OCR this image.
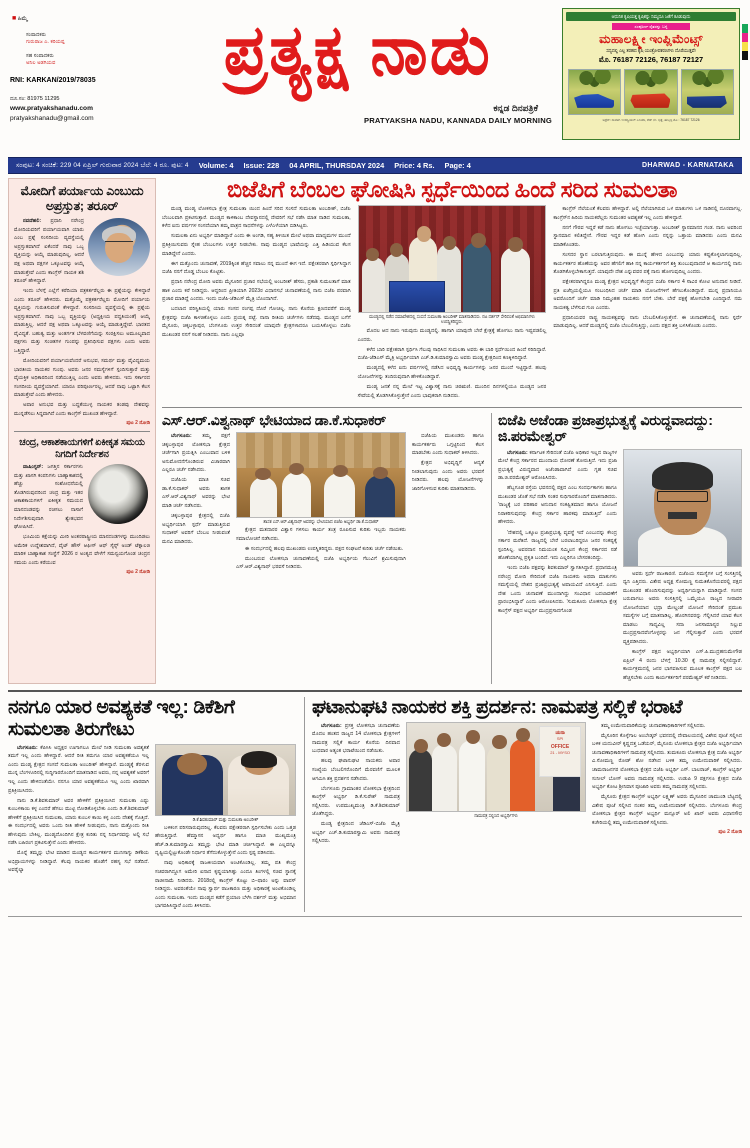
■ ಹಿಮ್ಮೆ
ಸಂಪಾದಕರು
ಗುರುರಾಜ ಎ. ಕರಿಯಪ್ಪ
ಸಹ ಸಂಪಾದಕರು
ಅನಿಲ ಅಡಗಿಯವ
RNI: KARKAN/2019/78035
ದೂ.ಸಂ: 81975 11295
www.pratyakshanadu.com
pratyakshanadu@gmail.com
ಪ್ರತ್ಯಕ್ಷ ನಾಡು
ಕನ್ನಡ ದಿನಪತ್ರಿಕೆ
PRATYAKSHA NADU, KANNADA DAILY MORNING
ಆಧುನಿಕ ಕೃಷಿಯತ್ತ ಕೃಷಿಕನ್ನು ನಿಮ್ಮದೂ ಜತೆಗೆ ಕೂಡುವುದು
ಸಂಪೂರ್ಣ ರೈತರನ್ನು ಬಳ್ಳಿ
ಮಹಾಲಕ್ಷ್ಮೀ ಇಂಪ್ಲಿಮೆಂಟ್ಸ್
ಸದ್ಯದಲ್ಲಿ ಎಲ್ಲ ತರಹದ ಕೃಷಿ ಯಂತ್ರೋಪಕರಣಗಳು ದೊರೆಯುತ್ತವೆ!
ಮೊ. 76187 72126, 76187 72127
ಅಡ್ರೆಸ್: ಸಾವಳಗಿ ಇಂಡಸ್ಟ್ರಿಯಲ್ ಏರಿಯಾ, ಶೆಡ್ ನಂ. ಛತ್ತೆ, ಹುಬ್ಬಳ್ಳಿ ಮೊ : 76187 72126
ಸಂಪುಟ: 4 ಸಂಚಿಕೆ: 229 04 ಏಪ್ರಿಲ್ ಗುರುವಾರ 2024 ಬೆಲೆ: 4 ರೂ. ಪುಟ: 4 Volume: 4 Issue: 228 04 APRIL, THURSDAY 2024 Price: 4 Rs. Page: 4	DHARWAD - KARNATAKA
ಮೋದಿಗೆ ಪರ್ಯಾಯ ಎಂಬುದು ಅಪ್ರಸ್ತುತ; ತರೂರ್

ನವದೆಹಲಿ: ಪ್ರಧಾನಿ ನರೇಂದ್ರ ಮೋದಿಯವರಿಗೆ ಪರ್ಯಾಯವಾಗಿ ಯಾರು ಎಂಬ ಪ್ರಶ್ನೆ ಸಂಸದೀಯ ವ್ಯವಸ್ಥೆಯಲ್ಲಿ ಅಪ್ರಸ್ತುತವಾಗಿದೆ ಏಕೆಂದರೆ ನಾವು ಒಬ್ಬ ವ್ಯಕ್ತಿಯನ್ನು ಆಯ್ಕೆ ಮಾಡುವುದಿಲ್ಲ, ಆದರೆ ಪಕ್ಷ ಅಥವಾ ಪಕ್ಷಗಳ ಒಕ್ಕೂಟವನ್ನು ಆಯ್ಕೆ ಮಾಡುತ್ತೇವೆ ಎಂದು ಕಾಂಗ್ರೆಸ್ ನಾಯಕ ಶಶಿ ತರೂರ್ ಹೇಳಿದ್ದಾರೆ.

ಇಂದು ಬೆಳಗ್ಗೆ ಎಲ್ಲೆಗೆ ಕರೆದಿಯಾ ಪತ್ರಕರ್ತರೆಲ್ಲರು ಈ ಪ್ರಶ್ನೆಯನ್ನು ಕೇಳಿದ್ದಾರೆ ಎಂದು ತರೂರ್ ಹೇಳಿದರು. ಮತ್ತೊಮ್ಮೆ ಪತ್ರಕರ್ತರೆಲ್ಲರು ಮೋದಿಗೆ ಪರ್ಯಾಯ ವ್ಯಕ್ತಿಯನ್ನು ಗುರುತಿಸುವಂತೆ ಕೇಳಿದ್ದಾರೆ. ಸಂಸದೀಯ ವ್ಯವಸ್ಥೆಯಲ್ಲಿ ಈ ಪ್ರಶ್ನೆಯ ಅಪ್ರಸ್ತುತವಾಗಿದೆ. ನಾವು ಒಬ್ಬ ವ್ಯಕ್ತಿಯನ್ನು (ಅಧ್ಯಕ್ಷೀಯ ಪದ್ಧತಿಯಂತೆ) ಆಯ್ಕೆ ಮಾಡುತ್ತಿಲ್ಲ. ಆದರೆ ಪಕ್ಷ ಅಥವಾ ಒಕ್ಕೂಟವನ್ನು ಆಯ್ಕೆ ಮಾಡುತ್ತಿದ್ದೇವೆ. ಭಾರತದ ವೈವಿಧ್ಯತೆ. ಬಹುತ್ವ ಮತ್ತು ಅಂತರ್ಗತ ಬೆಳವಣಿಗೆಯನ್ನು ಸಂರಕ್ಷಿಸಲು ಅಮೂಲ್ಯವಾದ ಪಕ್ಷಗಳು ಮತ್ತು ಸಂಚಿತಗಳ ಗುಂಪನ್ನು ಪ್ರತಿನಿಧಿಸುವ ಪಕ್ಷಗಳು ಎಂದು ಅವರು ಒತ್ತಿದ್ದಾರೆ.

ಮೋದಿಯವರಿಗೆ ಪರ್ಯಾಯವೆಂದರೆ ಅನುಭವ, ಸಮರ್ಥ ಮತ್ತು ವೈವಿಧ್ಯಮಯ ಭಾರತೀಯ ನಾಯಕರ ಗುಂಪು. ಅವರು ಜನರ ಸಮಸ್ಯೆಗಳಿಗೆ ಸ್ಪಂದಿಸುತ್ತಾರೆ ಮತ್ತು ವೈಯಕ್ತಿಕ ಅಧಿಕಾರದಿಂದ ನಡೆಯುತ್ತಿಲ್ಲ ಎಂದು ಅವರು ಹೇಳಿದರು. ಇದು ಸರ್ಕಾರದ ಸಂಸದೀಯ ವ್ಯವಸ್ಥೆಯಾಗಿದೆ. ಯಾರೂ ಪರಿಪೂರ್ಣರಲ್ಲ, ಆದರೆ ನಾವು ಒಟ್ಟಾಗಿ ಕೆಲಸ ಮಾಡುತ್ತೇವೆ ಎಂದು ಹೇಳಿದರು.

ಅಪಾರ ಅನುಭವ ಮತ್ತು ಬದ್ಧತೆಯುಳ್ಳ ನಾಯಕರ ತಂಡವು ದೇಶವನ್ನು ಮುನ್ನಡೆಸಲು ಸಿದ್ಧವಾಗಿದೆ ಎಂದು ಕಾಂಗ್ರೆಸ್ ಮುಖಂಡ ಹೇಳಿದ್ದಾರೆ.

ಪುಟ 2 ನೋಡಿ
ಚಂದ್ರ, ಆಕಾಶಕಾಯಗಳಿಗೆ ಏಕೀಕೃತ ಸಮಯ ನಿಗದಿಗೆ ನಿರ್ದೇಶನ

ವಾಷಿಂಗ್ಟನ್: ಜಗತ್ತಿನ ಸರ್ಕಾರಗಳು ಮತ್ತು ಖಾಸಗಿ ಕಂಪನಿಗಳು ಬಾಹ್ಯಾಕಾಶದಲ್ಲಿ ಹೆಚ್ಚು ಸಂಶೋಧನೆಯಲ್ಲಿ ತೊಡಗಿರುವುದರಿಂದ ಚಂದ್ರ ಮತ್ತು ಇತರ ಆಕಾಶಕಾಯಗಳಿಗೆ ಏಕೀಕೃತ ಸಮಯದ ಮಾನದಂಡವನ್ನು ರಚಿಸಲು ನಾಸಾಗೆ ನಿರ್ದೇಶಿಸುವುದಾಗಿ ಶ್ವೇತಭವನ ಘೋಷಿಸಿದೆ.

ಭೂಮಿಯ ಕಕ್ಷೆಯನ್ನು ಮೀರಿ ಅಂತರರಾಷ್ಟ್ರೀಯ ಮಾನದಂಡಗಳನ್ನು ಮುಂದಿಡಲು ಅಮೆರಿಕ ಉದ್ದೇಶವಾಗಿದೆ, ವೈಟ್ ಹೌಸ್ ಆಫೀಸ್ ಆಫ್ ಸೈನ್ಸ್ ಅಂಡ್ ಟೆಕ್ನಾಲಜಿ ಮಾರಿಕ ಬಾಹ್ಯಾಕಾಶ ಸಂಸ್ಥೆಗೆ 2026 ರ ಅಂತ್ಯದ ವೇಳೆಗೆ ಸಮನ್ವಯಗೊಂಡ ಚಂದ್ರನ ಸಮಯ ಎಂದು ಕರೆಯುವ

ಪುಟ 2 ನೋಡಿ
ಬಿಜೆಪಿಗೆ ಬೆಂಬಲ ಘೋಷಿಸಿ ಸ್ಪರ್ಧೆಯಿಂದ ಹಿಂದೆ ಸರಿದ ಸುಮಲತಾ

ಮಂಡ್ಯ ಮಂಡ್ಯ ಲೋಕಸಭಾ ಕ್ಷೇತ್ರ ಸುಮಲತಾ ಯಿಂದ ಹಿಂದೆ ಸರಿದ ಸಂಸದೆ ಸುಮಲತಾ ಅಂಬರೀಶ್, ಬಿಜೆಪಿ ಬೆಂಬಲವಾಗಿ ಪ್ರಕಟಿಸುತ್ತಾರೆ. ಮಂಡ್ಯದ ಕಾಳಿಕಾಂಬ ದೇವಸ್ಥಾನದಲ್ಲಿ ದೇವರಿಗೆ ಸಭೆ ನಡೆಸಿ ಮಾತ ನಾಡಿದ ಸುಮಲತಾ, ಕಳೆದ ಐದು ವರ್ಷಗಳ ಸಂಸದೆಯಾಗಿ ತಮ್ಮ ಪಾತ್ರದ ಸಾಧನೆಗಳನ್ನು ಎಳೆಎಳೆಯಾಗಿ ಬಿಡಿಸಿಟ್ಟರು.

ಸುಮಲತಾ ಏನು ಅಭ್ಯರ್ಥಿ ಮಾಡಿದ್ದಾರೆ ಎಂದು ಈ ಅಂಗಡಿ, ಸಹ್ಯ ತಿಳಿಯಿತ ಮೇಲೆ ಅಥವಾ ಮಾಧ್ಯಮಗಳ ಮುಂದೆ ಪ್ರತಿಕ್ರಿಯಿಸುವರು ಸ್ನೇಹ ಬೆಂಬಲಗಳು ಉತ್ತರ ನೀಡಬೇಕು. ನಾವು ಮಂಡ್ಯದ ಭಾಷೆಯನ್ನು ಎತ್ತಿ ಹಿಡಿಯುವ ಕೆಲಸ ಮಾಡಿದ್ದೇನೆ ಎಂದರು.

ಈಗ ಮತ್ತೊಂದು ಚುನಾವಣೆ, 2019ಕ್ಕಿಂತ ಹೆಚ್ಚಿನ ಸವಾಲು ನನ್ನ ಮುಂದೆ ಈಗ ಇದೆ. ಪಕ್ಷೇತರರಾಗಿ ಸ್ಪರ್ಧಿಸಿದ್ದಾಗ ಬಿಜೆಪಿ ನನಗೆ ದೊಡ್ಡ ಬೆಂಬಲ ಕೊಟ್ಟಿತು.

ಪ್ರಧಾನಿ ನರೇಂದ್ರ ಮೋದಿ ಅವರು ಮೈಸೂರಿನ ಪ್ರಚಾರ ಸಭೆಯಲ್ಲಿ ಅಂಬರೀಶ್ ಹೆಸರು, ಪ್ರಕಾಶಿ ಸುಮಲತಾಗೆ ಮಾತ ಹಾಕ ಎಂದು ಕರೆ ನೀಡಿದ್ದರು. ಆದ್ದರಿಂದ ಪ್ರೀತಿಯಾಗಿ 2023ರ ವಿಧಾನಸಭೆ ಚುನಾವಣೆಯಲ್ಲಿ ನಾನು ಬಿಜೆಪಿ ಪರವಾಗಿ ಪ್ರಚಾರ ಮಾಡಿದ್ದೆ ಎಂದರು. ಇಂದು ಬಿಜೆಪಿ-ಜೆಡಿಎಸ್ ಮೈತ್ರಿ ಬೊಂದಾಗಿದೆ.

ಬದಲಾದ ಪರಿಸ್ಥಿತಿಯಲ್ಲಿ ಯಾರು ಸಂಸದ ರಂಗಪ್ಪ ದೊರೆ ಗೋಚಿಲ್ಲ. ನಾನು ಕೊನೆಯ ಕ್ಷಣದವರೆಗೆ ಮಂಡ್ಯ ಕ್ಷೇತ್ರವನ್ನು ಬಿಜೆಪಿ ಕಾಳಜಿಕೊಳ್ಳಲು ಎಂದು ಪ್ರಯತ್ನ ಪಟ್ಟೆ. ನಾನಾ ರೀತಿಯ ಚರ್ಚೆಗಳು ನಡೆದವು. ಮಂಡ್ಯದ ಬಗೆಗೆ ಮೈಸೂರು, ಚಿಕ್ಕಬಳ್ಳಾಪುರ, ಬೆಂಗಳೂರು ಉತ್ತರ ಸೇರಿದಂತೆ ಯಾವುದೇ ಕ್ಷೇತ್ರಗಳಾದರೂ ಬಯಸಿಕೊಳ್ಳಲು ಬಿಜೆಪಿ ಮುಖಂಡರ ನನಗೆ ಸಲಹೆ ನೀಡಿದರು. ನಾನು ಎಲ್ಲವೂ

ಮಂಡ್ಯದಲ್ಲಿ ನಡೆದ ಸಮಾವೇಶದಲ್ಲಿ ಸಂಸದೆ ಸುಮಲತಾ ಅಂಬರೀಶ್ ಮಾತನಾಡಿದರು. ನಟ ದರ್ಶನ್ ಸೇರಿದಂತೆ ಅಭಿಮಾನಿಗಳು ಉಪಸ್ಥಿತರಿದ್ದರು.

ಮೊದಲ ಆದ ನಾನು ಇರುವುದು ಮಂಡ್ಯದಲ್ಲಿ. ಹಾಗಾಗಿ ಯಾವುದೇ ಬೇರೆ ಕ್ಷೇತ್ರಕ್ಕೆ ಹೋಗಲು ನಾನು ಇಷ್ಟಪಡಲಿಲ್ಲ ಎಂದರು.

ಕಳೆದ ಬಾರಿ ಪಕ್ಷೇತರಾಗಿ ಸ್ಪರ್ಧಿಸಿ ಗೆಲುವು ಸಾಧಿಸಿದ ಸುಮಲತಾ ಅವರು ಈ ಬಾರಿ ಸ್ಪರ್ಧೆಯಿಂದ ಹಿಂದೆ ಸರಿದಿದ್ದಾರೆ. ಬಿಜೆಪಿ-ಜೆಡಿಎಸ್ ಮೈತ್ರಿ ಅಭ್ಯರ್ಥಿಯಾಗಿ ಎಚ್.ಡಿ.ಕುಮಾರಸ್ವಾಮಿ ಅವರು ಮಂಡ್ಯ ಕ್ಷೇತ್ರದಿಂದ ಕಣಕ್ಕಿಳಿದಿದ್ದಾರೆ.

ಮಂಡ್ಯದಲ್ಲಿ ಕಳೆದ ಐದು ವರ್ಷಗಳಲ್ಲಿ ನಡೆಸಿದ ಅಭಿವೃದ್ಧಿ ಕಾರ್ಯಗಳನ್ನು ಜನರ ಮುಂದೆ ಇಟ್ಟಿದ್ದಾರೆ. ಹಲವು ಯೋಜನೆಗಳನ್ನು ತಂದಿರುವುದಾಗಿ ಹೇಳಿಕೊಂಡಿದ್ದಾರೆ.

ಮಂಡ್ಯ ಜನತೆ ನನ್ನ ಮೇಲೆ ಇಟ್ಟ ವಿಶ್ವಾಸಕ್ಕೆ ನಾನು ಚಿರಋಣಿ. ಮುಂದಿನ ದಿನಗಳಲ್ಲಿಯೂ ಮಂಡ್ಯದ ಜನರ ಸೇವೆಯಲ್ಲಿ ತೊಡಗಿಸಿಕೊಳ್ಳುತ್ತೇನೆ ಎಂದು ಭಾವುಕರಾಗಿ ನುಡಿದರು.

ಕಾಂಗ್ರೆಸ್ ನೆಲೆಯಂತೆ ಕೆಲವರು ಹೇಳಿದ್ದಾರೆ. ಅಲ್ಲಿ ನೆಲೆಯಾಗಿರುವ ಒಳ ಮಾತುಗಳು ಒಳ ನಾಡಿನಲ್ಲಿ ದೂರವಾಗಲ್ಲ. ಕಾಂಗ್ರೆಸ್‌ನ ಹಿರಿಯ ನಾಯಕರೆಲ್ಲರು ಸುಮಂತರ ಅವಶ್ಯಕತೆ ಇಲ್ಲ ಎಂದು ಹೇಳಿದ್ದಾರೆ.

ನನಗೆ ಗೌರವ ಇದ್ದರೆ ಕಡೆ ನಾನು ಹೋಗಲು ಇಚ್ಛೆಯಾಗುತ್ತಾ. ಅಂಬರೀಶ್ ಸ್ಥಾನಮಾನದ ಗಂಡ. ನಾನು ಅವರಿಂದ ಸ್ಥಾನಮಾನ ಕಲಿತಿದ್ದೇನೆ. ಗೌರವ ಇದ್ದರ ಕಡೆ ಹೋಗಿ ಎಂದು ನನ್ನನ್ನು ಒತ್ತಾಯ ಮಾಡಿದರು ಎಂದು ಮನವಿ ಮಾಡಿಕೊಂಡರು.

ಸಂಸದರ ಸ್ಥಾನ ಬರಲಾಗುತ್ತಿರುವುದು. ಈ ಮುನ್ನೆ ಹೇಳಿದ ಎಂಬುದನ್ನು ಯಾರು ಕಪ್ಪುಕೊಳ್ಳಲಾಗುವುದಿಲ್ಲ. ಕಾರ್ಯಕರ್ತರ ಹೊಣೆಯನ್ನು ಅವರ ಹೆಗಲಿಗೆ ಹಾಕಿ ನನ್ನ ಕಾರ್ಯಕರ್ತರಿಗೆ ಶಕ್ತಿ ತುಂಬುವುದಾದರೆ ಆ ಕಾರ್ಯದಲ್ಲಿ ನಾನು ತೊಡಗಿಕೊಳ್ಳಬೇಕಾಗುತ್ತದೆ. ಯಾವುದೇ ದೇಶ ಎನ್ನುವವರ ಪಕ್ಕೆ ನಾನು ಹೋಗುವುದಿಲ್ಲ ಎಂದರು.

ಪಕ್ಷೇತರರಾಗಿದ್ದರೂ ಮಂಡ್ಯ ಕ್ಷೇತ್ರದ ಅಭಿವೃದ್ಧಿಗೆ ಕೇಂದ್ರದ ಬಿಜೆಪಿ ಸರ್ಕಾರ 4 ಸಾವಿರ ಕೋಟಿ ಅನುದಾನ ನೀಡಿದೆ. ಪ್ರತಿ ಏಜೆನ್ಸಿಯಲ್ಲಿಯೂ ಸಂಬಂಧಿಸಿದ ಚರ್ಚೆ ಮಾಡಿ ಯೋಜನೆಗಳಿಗೆ ಹೆಗಲುಕೊಂಡಿದ್ದಾರೆ. ಮುನ್ನ ಪ್ರಧಾನಿಯೂ ಅವರೊಂದಿಗೆ ಚರ್ಚೆ ಮಾಡಿ ನಿಮ್ಮಂತಹ ನಾಯಕರು ನನಗೆ ಬೇಕು. ಬೇರೆ ಪಕ್ಷಕ್ಕೆ ಹೋಗಬೇಡಿ ಎಂದಿದ್ದಾರೆ. ನಮ ನಾಯಕತ್ವ ಬೆಳೆಸುವ ಗುಣ ಎಂದರು.

ಪ್ರಧಾನಿಯವರ ರಾಷ್ಟ್ರ ನಾಯಕತ್ವವನ್ನು ನಾನು ಬೆಂಬಲಿಸಿಕೊಳ್ಳುತ್ತೇನೆ. ಈ ಚುನಾವಣೆಯಲ್ಲಿ ನಾನು ಸ್ಪರ್ಧೆ ಮಾಡುವುದಿಲ್ಲ. ಆದರೆ ಮಂಡ್ಯದಲ್ಲಿ ಬಿಜೆಪಿ ಬೆಂಬಲಿಸುತ್ತಿದ್ದು, ಎಂದು ಪಕ್ಷದ ಶಕ್ತಿ ಬಳಸಿಕೊಂಡು ಎಂದರು.

ಎಸ್.ಆರ್.ವಿಶ್ವನಾಥ್ ಭೇಟಿಯಾದ ಡಾ.ಕೆ.ಸುಧಾಕರ್

ಬೆಂಗಳೂರು: ತಮ್ಮ ಪಕ್ಷಗೆ ಚಿಕ್ಕಬಳ್ಳಾಪುರ ಲೋಕಸಭಾ ಕ್ಷೇತ್ರದ ಚರ್ಚೆಗಾಗಿ ಪ್ರಯತ್ನಿಸಿ ಎಂಬುವಾದ ಬಳಿಕ ಅನುಮೋದನೆಗೊಂಡಿರುವ ವಿಚಾರವಾಗಿ ಎಲ್ಲರೂ ಚರ್ಚೆ ನಡೆಸಿದರು.

ಬಿಜೆಪಿಯ ಮಾಜಿ ಸಚಿವ ಡಾ.ಕೆ.ಸುಧಾಕರ್ ಅವರು ಶಾಸಕ ಎಸ್.ಆರ್.ವಿಶ್ವನಾಥ್ ಅವರನ್ನು ಭೇಟಿ ಮಾಡಿ ಚರ್ಚೆ ನಡೆಸಿದರು.

ಚಿಕ್ಕಬಳ್ಳಾಪುರ ಕ್ಷೇತ್ರದಲ್ಲಿ ಬಿಜೆಪಿ ಅಭ್ಯರ್ಥಿಯಾಗಿ ಸ್ಪರ್ಧೆ ಮಾಡುತ್ತಿರುವ ಸುಧಾಕರ್ ಅವರಿಗೆ ಬೆಂಬಲ ನೀಡುವಂತೆ ಮನವಿ ಮಾಡಿದರು.

ಶಾಸಕ ಎಸ್.ಆರ್.ವಿಶ್ವನಾಥ್ ಅವರನ್ನು ಭೇಟಿಯಾದ ಬಿಜೆಪಿ ಅಭ್ಯರ್ಥಿ ಡಾ.ಕೆ.ಸುಧಾಕರ್

ಕ್ಷೇತ್ರದ ಮತದಾರರ ವಿಶ್ವಾಸ ಗಳಿಸಲು ಕಾರ್ಯ ತಂತ್ರ ರೂಪಿಸುವ ಕುರಿತು ಇಬ್ಬರು ನಾಯಕರು ಸಮಾಲೋಚನೆ ನಡೆಸಿದರು.

ಈ ಸಂದರ್ಭದಲ್ಲಿ ಹಲವು ಮುಖಂಡರು ಉಪಸ್ಥಿತರಿದ್ದರು. ಪಕ್ಷದ ಸಂಘಟನೆ ಕುರಿತು ಚರ್ಚೆ ನಡೆಯಿತು.

ಮುಂಬರುವ ಲೋಕಸಭಾ ಚುನಾವಣೆಯಲ್ಲಿ ಬಿಜೆಪಿ ಅಭ್ಯರ್ಥಿಯ ಗೆಲುವಿಗೆ ಶ್ರಮಿಸುವುದಾಗಿ ಎಸ್.ಆರ್.ವಿಶ್ವನಾಥ್ ಭರವಸೆ ನೀಡಿದರು.

ಬಿಜೆಪಿಯ ಮುಖಂಡರು ಹಾಗೂ ಕಾರ್ಯಕರ್ತರು ಒಗ್ಗಟ್ಟಿನಿಂದ ಕೆಲಸ ಮಾಡಬೇಕು ಎಂದು ಸುಧಾಕರ್ ತಿಳಿಸಿದರು.

ಕ್ಷೇತ್ರದ ಅಭಿವೃದ್ಧಿಗೆ ಆದ್ಯತೆ ನೀಡಲಾಗುವುದು ಎಂದು ಅವರು ಭರವಸೆ ನೀಡಿದರು. ಹಲವು ಯೋಜನೆಗಳನ್ನು ಜಾರಿಗೊಳಿಸುವ ಕುರಿತು ಮಾತನಾಡಿದರು.

ಬಿಜೆಪಿ ಅಜೆಂಡಾ ಪ್ರಜಾಪ್ರಭುತ್ವಕ್ಕೆ ವಿರುದ್ಧವಾದದ್ದು: ಜಿ.ಪರಮೇಶ್ವರ್

ಬೆಂಗಳೂರು: ಕರ್ನಾಟಕ ಸೇರಿದಂತೆ ಬಿಜೆಪಿ ಅಧಿಕಾರ ಇಲ್ಲದ ರಾಜ್ಯಗಳ ಮೇಲೆ ಕೇಂದ್ರ ಸರ್ಕಾರದ ಮುಂದಾಯ ಧೋರಣೆ ತೋರುತ್ತಿದೆ. ಇದು ಪ್ರಜಾ ಪ್ರಭುತ್ವಕ್ಕೆ ವಿರುದ್ಧವಾದ ಅಜೆಂಡಾವಾಗಿದೆ ಎಂದು ಗೃಹ ಸಚಿವ ಡಾ.ಜಿ.ಪರಮೇಶ್ವರ್ ಆರೋಪಿಸಿದರು.

ಹೆಬ್ಬಗೂಡ ರಸ್ತೆಯ ಭವನದಲ್ಲಿ ಪಕ್ಷದ ಎಂಬ ಸಂದರ್ಭಿಕಾಗಳು ಹಾಗೂ ಮುಖಂಡರ ಜೊತೆ ಸಭೆ ನಡೆಸಿ ಸಂತರ ಸುಧಿಗಾರರೊಂದಿಗೆ ಮಾತನಾಡಿದರು. 'ರಾಜ್ಯಕ್ಕೆ ಬರ ಪರಿಹಾರ ಅನುದಾನ ಸಂಕಷ್ಟಿತಮಾದ ಹಾಗೂ ಯೋಜನೆ ನಿರಾಕರಿಸುವುದನ್ನು ಕೇಂದ್ರ ಸರ್ಕಾರ ಹಾರಕವು ಮಾಡುತ್ತಿದೆ' ಎಂದು ಹೇಳಿದರು.

'ದೇಶದಲ್ಲಿ ಒಕ್ಕೂಟ ಪ್ರಜಾಪ್ರಭುತ್ವ ವ್ಯವಸ್ಥೆ ಇದೆ ಎಂಬುದನ್ನು ಕೇಂದ್ರ ಸರ್ಕಾರ ಮರೆತಿದೆ. ರಾಜ್ಯದಲ್ಲಿ ಬೇರೆ ಬರಲಾಬರಿದ್ದರೂ ಜನರ ಸಂಕಷ್ಟಕ್ಕೆ ಸ್ಪಂದಿಸಿಲ್ಲ. ಅವರದಾನ ನಿಮಯಂತ ಸಮ್ಮಿಲನ ಕೇಂದ್ರ ಸರ್ಕಾರದ ನಡೆ ಹೊಣೆಯಾಗಿಲ್ಲ ಪ್ರಕೃತಿ ಬಂದಿದೆ. ಇದು ಎಲ್ಲರಿಗೂ ಬೇಸರತಂದಿದ್ದು.

ಇಂದು ಬಿಜೆಪಿ ಪಕ್ಷವನ್ನು ಶಿವಕುಮಾರ್ ಸ್ವಾಗತಿಸಿದ್ದಾರೆ. ಪ್ರಧಾನಮಂತ್ರಿ ನರೇಂದ್ರ ಮೋದಿ ಸೇರಿದಂತೆ ಬಿಜೆಪಿ ನಾಯಕರು ಅಥವಾ ಮಾತುಗಳು ಸಮಸ್ಯೆಯಲ್ಲಿ ದೇಶದ ಪ್ರಜಾಪ್ರಭುತ್ವಕ್ಕೆ ಅಪಾಯವಿದೆ ಎನಿಸುತ್ತಿದೆ. ಎಂದು ದೇಶ ಒಂದು ಚುನಾವಣೆ ಮುಂದಾಗಿದ್ದು ಸಂವಿಧಾನ ಬದಲಾವಣೆಗೆ ಪ್ರಾರಂಭಿಸಿದ್ದಾರೆ' ಎಂದು ಆರೋಪಿಸಿದರು. 'ಸುಮಕೂರು ಲೋಕಸಭಾ ಕ್ಷೇತ್ರ ಕಾಂಗ್ರೆಸ್ ಪಕ್ಷದ ಅಭ್ಯರ್ಥಿ ಮುದ್ರಪ್ರಸಾದಗೊಂಡ

ಅವರು ಸ್ಪರ್ಧೆ ರಾಜಕಾರಣಿ. ಬಿಜೆಪಿಯ ಸಮಸ್ಯೆಗಳ ಬಗ್ಗೆ ಸಂಸತ್ತಿನಲ್ಲಿ ಧ್ವನಿ ಎತ್ತಿದರು. ವಿಶೇಷ ಅಧ್ಯಕ್ಷ ಸೋಮಣ್ಣ ಸುಮತಿಕೊನೆಯವರಲ್ಲಿ ಪಕ್ಷದ ಮುಖಂಡರ ಹೊಂದಿಸುವುದನ್ನು ಅಧ್ಯರ್ಥಿಯನ್ನಾಗಿ ಮಾಡಿದ್ದಾರೆ. ಸಂಸದ ಬರುವಾಗಲು ಅವರು ಸಂಸತ್ತಿನಲ್ಲಿ ಒಮ್ಮೆಯೂ ರಾಜ್ಯದ ನೀರಾವರಿ ಯೋಜನೆಯಾದ ಭದ್ರಾ ಮೇಲ್ದಂಡೆ ಯೋಜನೆ ಸೇರಿದಂತೆ ಪ್ರಮುಖ ಸಮಸ್ಯೆಗಳ ಬಗ್ಗೆ ಮಾತನಾಡಿಲ್ಲ. ಹೊರಗಿನವರನ್ನು ಗೆಲ್ಲಿಸಿದರೆ ಯಾವ ಕೆಲಸ ಮಾಡಲು ಸಾಧ್ಯವಿಲ್ಲ ಸದಾ ಜನಸಾಮಾನ್ಯರ ನಿಲ್ಲುವ ಮುದ್ರಪ್ರಸಾದವೆಂಗೊಳ್ಳರನ್ನು ಜನ ಗೆಲ್ಲಿಸುತ್ತಾರೆ' ಎಂದು ಭರವಸೆ ವ್ಯಕ್ತಪಡಿಸಿದರು.

ಕಾಂಗ್ರೆಸ್ ಪಕ್ಷದ ಅಭ್ಯರ್ಥಿಯಾಗಿ ಎಸ್.ಪಿ.ಮುದ್ರಹನುಮೇಗೌಡ ಏಪ್ರಿಲ್ 4 ರಂದು ಬೆಳಗ್ಗೆ 10.30 ಕ್ಕೆ ನಾಮಪತ್ರ ಸಲ್ಲಿಸಲಿದ್ದಾರೆ. ಕಾರ್ಯಕ್ರಮದಲ್ಲಿ ಜನರ ಭಾಗವಹಿಸುವ ಮೂಲಕ ಕಾಂಗ್ರೆಸ್ ಪಕ್ಷದ ಬಲ ಹೆಚ್ಚಿಸಬೇಕು ಎಂದು ಕಾರ್ಯಕರ್ತರಿಗೆ ಪರಮೇಶ್ವರ್ ಕರೆ ನೀಡಿದರು.

ನನಗೂ ಯಾರ ಅವಶ್ಯಕತೆ ಇಲ್ಲ: ಡಿಕೆಶಿಗೆ ಸುಮಲತಾ ತಿರುಗೇಟು

ಬೆಂಗಳೂರು: ಕೆಪಿಸಿಸಿ ಅಧ್ಯಕ್ಷರ ಊಗಾಗಲೂ ಮೇಲೆ ನೀಡಿ ಸುಮಲತಾ ಅವಶ್ಯಕತೆ ತಮಗೆ ಇಲ್ಲ ಎಂದು ಹೇಳಿದ್ದಾರೆ. ಆದರೆ ರೀತಿ ತಮಗೂ ಯಾರ ಅವಶ್ಯಕತೆಯೂ ಇಲ್ಲ ಎಂದು ಮಂಡ್ಯ ಕ್ಷೇತ್ರದ ಸಂಸದೆ ಸುಮಲತಾ ಅಂಬರೀಶ್ ಹೇಳಿದ್ದಾರೆ. ಮಂಡ್ಯಕ್ಕೆ ತೆರಳುವ ಮುನ್ನ ಬೆಂಗಳೂರಿನಲ್ಲಿ ಸುದ್ದಿಗಾರರೊಂದಿಗೆ ಮಾತನಾಡಿದ ಅವರು, ನನ್ನ ಅವಶ್ಯಕತೆ ಅವರಿಗೆ ಇಲ್ಲ ಎಂದು ಹೇಳಿದಂತೆಯೇ. ನನಗೂ ಯಾರ ಅವಶ್ಯಕತೆಯೂ ಇಲ್ಲ ಎಂದು ಖಾರವಾಗಿ ಪ್ರತಿಕ್ರಿಯಿಸಿದರು.

ನಾನು ಡಿ.ಕೆ.ಶಿವಕುಮಾರ್ ಅವರ ಹೇಳಿಕೆಗೆ ಪ್ರತಿಕ್ರಿಯಿಸಿದ ಸುಮಲತಾ ಎಷ್ಟು ಕುಂಬಳಕಾಯಿ ಕಳ್ಳ ಎಂದರೆ ಹೆಗಲು ಮುಟ್ಟಿ ನೋಡಿಕೊಳ್ಳಬೇಕು ಎಂದು ಡಿ.ಕೆ.ಶಿವಕುಮಾರ್ ಹೇಳಿಕೆಗೆ ಪ್ರತಿಕ್ರಿಯಿಸಿದ ಸುಮಲತಾ, ಯಾರು ಕುಂಬಳ ಕಾಯಿ ಕಳ್ಳ ಎಂದು ದೇಶಕ್ಕೆ ಗೊತ್ತಿದೆ. ಈ ಸಂದರ್ಭದಲ್ಲಿ ಅವರು ಒಂದು ರೀತಿ ಹೇಳಿಕೆ ನೀಡುವುದು, ನಾನು ಮತ್ತೊಂದು ರೀತಿ ಹೇಳುವುದು ಬೇಕಿಲ್ಲ. ಮಂಡ್ಯದೊಂದಿಗಿನ ಕ್ಷೇತ್ರ ಕುರಿತು ನನ್ನ ನಿರ್ಧಾರವನ್ನು ಅಲ್ಲಿ ಸಭೆ ನಡೆಸಿ ಬಹಿರಂಗ ಪ್ರಕಟಿಸುತ್ತೇನೆ ಎಂದು ಹೇಳಿದರು.

ಮೊನ್ನೆ ತಮ್ಮನ್ನು ಭೇಟಿ ಮಾಡಿದ ಮಂಡ್ಯದ ಕಾರ್ಯಕರ್ತರ ಮುನಿಸಾಗ್ಯು ಡಿಕೆಶಿಯ ಅಭಿಪ್ರಾಯಗಳನ್ನು ನೀಡಿದ್ದಾರೆ. ಕೆಲವು ನಾಯಕರ ಹೊಡೆಗೆ ರಹಸ್ಯ ಸಭೆ ನಡೆದಿದೆ. ಅವರೈಲ್ಯಾ

ಡಿ.ಕೆ.ಶಿವಕುಮಾರ್ ಮತ್ತು ಸುಮಲತಾ ಅಂಬರೀಶ್

ಬಳಿಕಂಗ ಪರಿಸರಾರುವುದರಿಲ್ಲ. ಕೆಲವರು ಪಕ್ಷೇತರರಾಗಿ ಸ್ಪರ್ಧಿಸಬೇಕು ಎಂದು ಒತ್ತಡ ಹೇರುತ್ತಿದ್ದಾರೆ. ಹೆಮ್ಮಾಸನ ಅಧ್ಯರ್ಥ ಹಾಗೂ ಮಾಜಿ ಮುಖ್ಯಮಂತ್ರಿ ಹೆಚ್.ಡಿ.ಕುಮಾರಸ್ವಾಮಿ ತಮ್ಮನ್ನು ಭೇಟಿ ಮಾಡಿ ಚರ್ಚಿಸಿದ್ದಾರೆ. ಈ ಎಲ್ಲವನ್ನೂ ದೃಷ್ಟಿಯಲ್ಲಿಟ್ಟುಕೊಂಡೇ ನಿರ್ಧಾರ ತೆಗೆದುಕೊಳ್ಳುತ್ತೇನೆ ಎಂದು ಸ್ಪಷ್ಟ ಪಡಿಸಿದರು.

ನಾವು ಅಧಿಕಾರಕ್ಕೆ ರಾಜಕೀಯವಾಗಿ ಅಂಟಿಕೊಂಡಿಲ್ಲ. ತಮ್ಮ ಪತಿ ಕೇಂದ್ರ ಸಚಿವರಾಗಿದ್ದೂಗ ಅಮೇರಿ ಏನಾದ ಕೃಷ್ಣಯಾಗಿಹ್ಲು ಎಂದೂ ತಿಂಗಳಲ್ಲಿ ಸಚಿವ ಸ್ಥಾನಕ್ಕೆ ರಾಜೀನಾಮೆ ನೀಡಿದರು. 2018ರಲ್ಲಿ ಕಾಂಗ್ರೆಸ್ ಕೊಟ್ಟು ಬಿ–ಫಾರಂ ಅನ್ನು ವಾಪಸ್ ನೀಡಿದ್ದರು. ಅವರಂತೆಯೇ ನಾವು ಸ್ವಾರ್ಥ ರಾಜಕಾರಣ ಮತ್ತು ಅಧಿಕಾರಕ್ಕೆ ಅಂಟಿಕೊಂಡಿಲ್ಲ ಎಂದು ಸುಮಲತಾ. ಇಂದು ಮಂಡ್ಯದ ಕಡೆಗೆ ಪ್ರಯಾಣ ಬೆಳೆಸಿ ದರ್ಶನ್ ಮತ್ತು ಅಭಿಮಾನ ಭಾಗವಹಿಸಿದ್ದಾರೆ ಎಂದು ತಿಳಿಸಿದರು.

ಘಟಾನುಘಟಿ ನಾಯಕರ ಶಕ್ತಿ ಪ್ರದರ್ಶನ: ನಾಮಪತ್ರ ಸಲ್ಲಿಕೆ ಭರಾಟೆ

ಬೆಂಗಳೂರು: ಪ್ರಸಕ್ತ ಲೋಕಸಭಾ ಚುನಾವಣೆಯ ಮೊದಲ ಹಂತದ ರಾಜ್ಯದ 14 ಲೋಕಸಭಾ ಕ್ಷೇತ್ರಗಳಿಗೆ ನಾಮಪತ್ರ ಸಲ್ಲಿಕೆ ಕಾರ್ಯ ಕೊನೆಯ ದಿನವಾದ ಬುಧವಾರ ಅತ್ಯಂತ ಭರಾಟೆಯಿಂದ ನಡೆಯಿತು.

ಹಲವು ಘಟಾನುಘಟಿ ನಾಯಕರು ಅಪಾರ ಸಂಖ್ಯೆಯ ಬೆಂಬಲಿಗರೊಂದಿಗೆ ಮೆರವಣಿಗೆ ಮೂಲಕ ಆಗಮಿಸಿ ಶಕ್ತಿ ಪ್ರದರ್ಶನ ನಡೆಸಿದರು.

ಬೆಂಗಳೂರು ಗ್ರಾಮಾಂತರ ಲೋಕಸಭಾ ಕ್ಷೇತ್ರದಿಂದ ಕಾಂಗ್ರೆಸ್ ಅಭ್ಯರ್ಥಿ ಡಿ.ಕೆ.ಸುರೇಶ್ ನಾಮಪತ್ರ ಸಲ್ಲಿಸಿದರು. ಉಪಮುಖ್ಯಮಂತ್ರಿ ಡಿ.ಕೆ.ಶಿವಕುಮಾರ್ ಜೊತೆಗಿದ್ದರು.

ಮಂಡ್ಯ ಕ್ಷೇತ್ರದಿಂದ ಜೆಡಿಎಸ್-ಬಿಜೆಪಿ ಮೈತ್ರಿ ಅಭ್ಯರ್ಥಿ ಎಚ್.ಡಿ.ಕುಮಾರಸ್ವಾಮಿ ಅವರು ನಾಮಪತ್ರ ಸಲ್ಲಿಸಿದರು.

ಚುನಾ
SPI
OFFICE
21 - MYSO
ನಾಮಪತ್ರ ಸಲ್ಲಿಸಿದ ಅಭ್ಯರ್ಥಿಗಳು

ತಮ್ಮ ಉಮೇದುವಾರಿಕೆಯನ್ನು ಚುನಾವಣಾಧಿಕಾರಿಗಳಿಗೆ ಸಲ್ಲಿಸಿದರು.

ಮೈಸೂರಿನ ಕೊಳ್ಳೆಗಾಲ ಅಂಬೇಡ್ಕರ್ ಭವನದಲ್ಲಿ ದೇವಾಲಯದಲ್ಲಿ ವಿಶೇಷ ಪೂಜೆ ಸಲ್ಲಿಸಿದ ಬಳಿಕ ಯದುವೀರ್ ಕೃಷ್ಣದತ್ತ ಒಡೆಯರ್, ಮೈಸೂರು ಲೋಕಸಭಾ ಕ್ಷೇತ್ರದ ಬಿಜೆಪಿ ಅಭ್ಯರ್ಥಿಯಾಗಿ ಚುನಾವಣಾಧಿಕಾರಿಗಳಿಗೆ ನಾಮಪತ್ರ ಸಲ್ಲಿಸಿದರು. ತುಮಕೂರು ಲೋಕಸಭಾ ಕ್ಷೇತ್ರ ಬಿಜೆಪಿ ಅಭ್ಯರ್ಥಿ ವಿ.ಸೋಮಣ್ಣ ರೋಡ್ ಶೋ ನಡೆಸಿದ ಬಳಿಕ ತಮ್ಮ ಉಮೇದುವಾರಿಕೆ ಸಲ್ಲಿಸಿದರು. ಚಾಮರಾಜನಗರ ಲೋಕಸಭಾ ಕ್ಷೇತ್ರದ ಬಿಜೆಪಿ ಅಭ್ಯರ್ಥಿ ಎಸ್. ಬಾಲರಾಜ್, ಕಾಂಗ್ರೆಸ್ ಅಭ್ಯರ್ಥಿ ಸುನೀಲ್ ಬೋಸ್ ಅವರು ನಾಮಪತ್ರ ಸಲ್ಲಿಸಿದರು. ಉಡುಪಿ 9 ಪಕ್ಷಗಳೂ ಕ್ಷೇತ್ರದ ಬಿಜೆಪಿ ಅಭ್ಯರ್ಥಿ ಕೋಟ ಶ್ರೀನಿವಾಸ ಪೂಜಾರಿ ಅವರು ತಮ್ಮ ನಾಮಪತ್ರ ಸಲ್ಲಿಸಿದರು.

ಮೈಸೂರು ಕ್ಷೇತ್ರದ ಕಾಂಗ್ರೆಸ್ ಅಭ್ಯರ್ಥಿ ಲಕ್ಷ್ಮಣ್ ಅವರು ಮೈಸೂರಿನ ಚಾಮುಂಡಿ ಬೆಟ್ಟದಲ್ಲಿ ವಿಶೇಷ ಪೂಜೆ ಸಲ್ಲಿಸಿದ ನಂತರ ತಮ್ಮ ಉಮೇದುವಾರಿಕೆ ಸಲ್ಲಿಸಿದರು. ಬೆಂಗಳೂರು ಕೇಂದ್ರ ಲೋಕಸಭಾ ಕ್ಷೇತ್ರದ ಕಾಂಗ್ರೆಸ್ ಅಭ್ಯರ್ಥಿ ಮನ್ಸೂರ್ ಅಲಿ ಖಾನ್ ಅವರು ವಿಧಾನಸೌಧ ಕಚೇರಿಯಲ್ಲಿ ತಮ್ಮ ಉಮೇದುವಾರಿಕೆ ಸಲ್ಲಿಸಿದರು.

ಪುಟ 2 ನೋಡಿ
